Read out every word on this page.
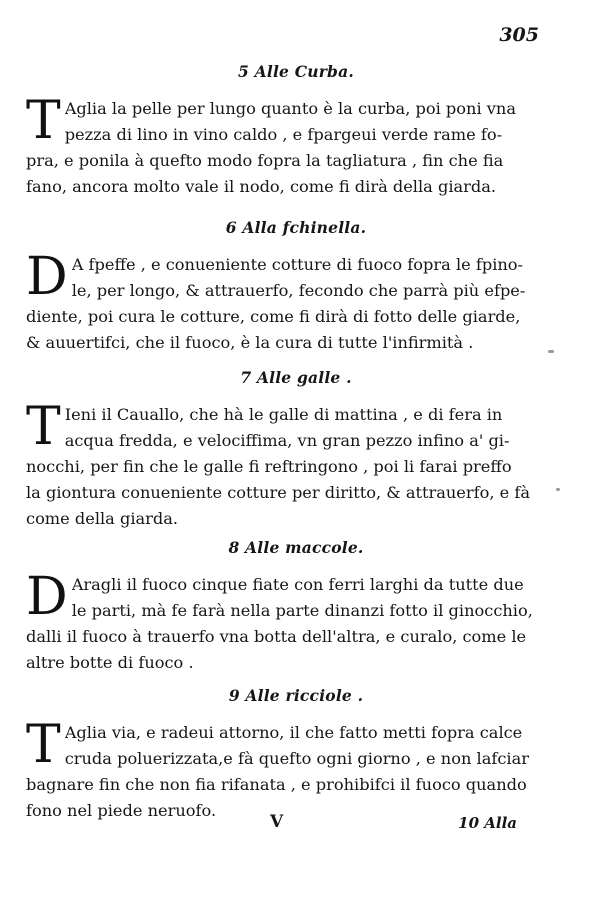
305
5 Alle Curba.
T Aglia la pelle per lungo quanto è la curba, poi poni vna
pezza di lino in vino caldo , e fpargeui verde rame fo-
pra, e ponila à quefto modo fopra la tagliatura , fin che fia
fano, ancora molto vale il nodo, come fi dirà della giarda.
6 Alla fchinella.
D A fpeffe , e conueniente cotture di fuoco fopra le fpino-
le, per longo, & attrauerfo, fecondo che parrà più efpe-
diente, poi cura le cotture, come fi dirà di fotto delle giarde,
& auuertifci, che il fuoco, è la cura di tutte l'infirmità .
7 Alle galle .
T Ieni il Cauallo, che hà le galle di mattina , e di fera in
acqua fredda, e velociffima, vn gran pezzo infino a' gi-
nocchi, per fin che le galle fi reftringono , poi li farai preffo
la giontura conueniente cotture per diritto, & attrauerfo, e fà
come della giarda.
8 Alle maccole.
D Aragli il fuoco cinque fiate con ferri larghi da tutte due
le parti, mà fe farà nella parte dinanzi fotto il ginocchio,
dalli il fuoco à trauerfo vna botta dell'altra, e curalo, come le
altre botte di fuoco .
9 Alle ricciole .
T Aglia via, e radeui attorno, il che fatto metti fopra calce
cruda poluerizzata,e fà quefto ogni giorno , e non lafciar
bagnare fin che non fia rifanata , e prohibifci il fuoco quando
fono nel piede neruofo.
V	10 Alla
